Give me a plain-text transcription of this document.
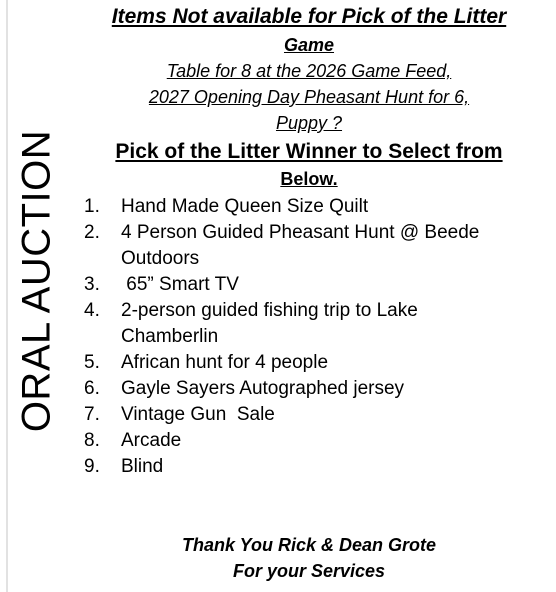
ORAL AUCTION
Items Not available for Pick of the Litter
Game
Table for 8 at the 2026 Game Feed,
2027 Opening Day Pheasant Hunt for 6,
Puppy ?
Pick of the Litter Winner to Select from
Below.
1.	Hand Made Queen Size Quilt
2.	4 Person Guided Pheasant Hunt @ Beede Outdoors
3.	65” Smart TV
4.	2-person guided fishing trip to Lake Chamberlin
5.	African hunt for 4 people
6.	Gayle Sayers Autographed jersey
7.	Vintage Gun  Sale
8.	Arcade
9.	Blind
Thank You Rick & Dean Grote
For your Services
